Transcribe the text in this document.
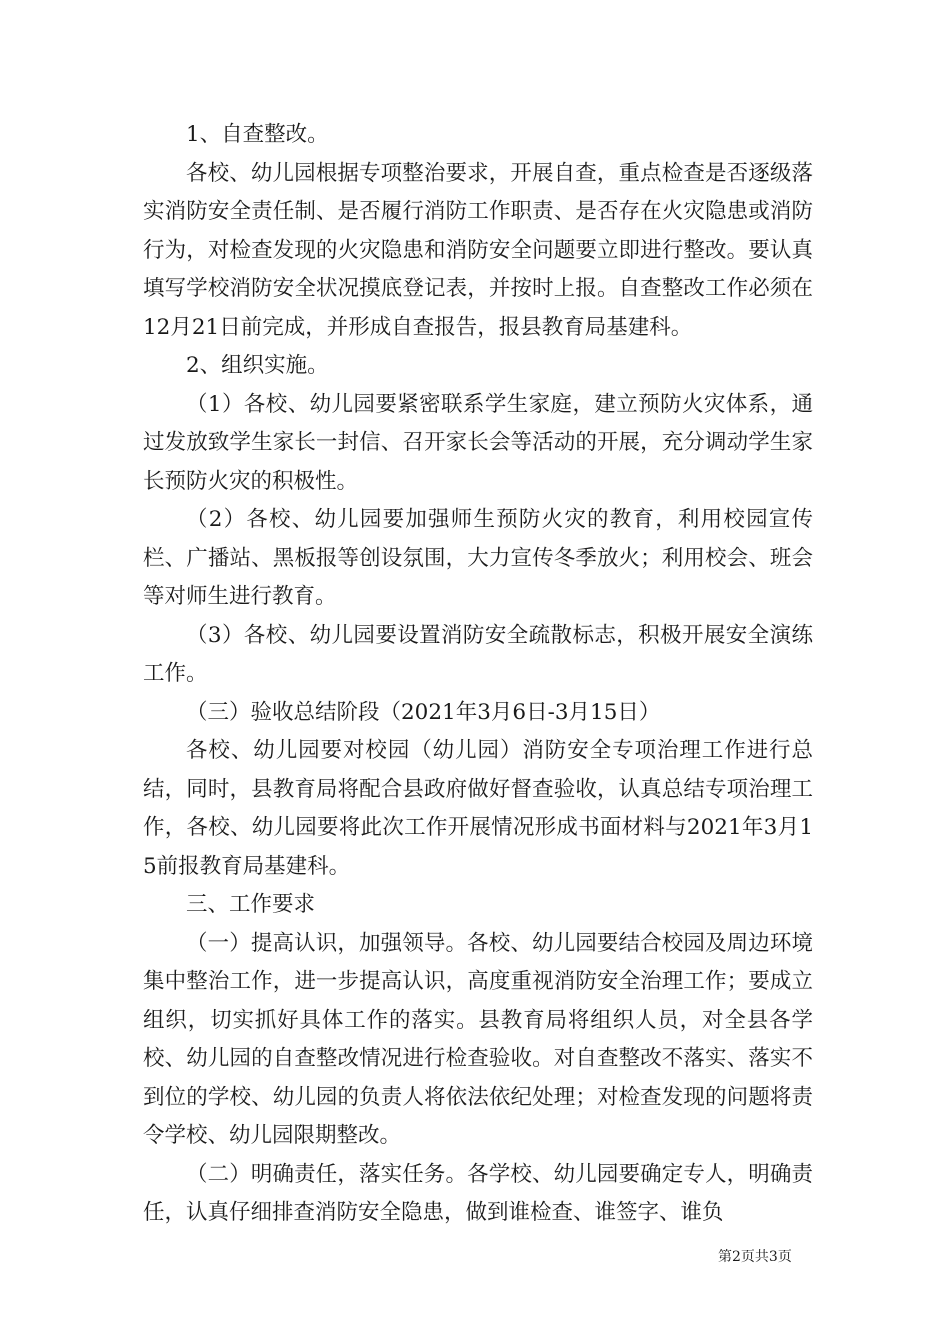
1、自查整改。

各校、幼儿园根据专项整治要求，开展自查，重点检查是否逐级落实消防安全责任制、是否履行消防工作职责、是否存在火灾隐患或消防行为，对检查发现的火灾隐患和消防安全问题要立即进行整改。要认真填写学校消防安全状况摸底登记表，并按时上报。自查整改工作必须在12月21日前完成，并形成自查报告，报县教育局基建科。

2、组织实施。

（1）各校、幼儿园要紧密联系学生家庭，建立预防火灾体系，通过发放致学生家长一封信、召开家长会等活动的开展，充分调动学生家长预防火灾的积极性。

（2）各校、幼儿园要加强师生预防火灾的教育，利用校园宣传栏、广播站、黑板报等创设氛围，大力宣传冬季放火；利用校会、班会等对师生进行教育。

（3）各校、幼儿园要设置消防安全疏散标志，积极开展安全演练工作。

（三）验收总结阶段（2021年3月6日-3月15日）

各校、幼儿园要对校园（幼儿园）消防安全专项治理工作进行总结，同时，县教育局将配合县政府做好督查验收，认真总结专项治理工作，各校、幼儿园要将此次工作开展情况形成书面材料与2021年3月15前报教育局基建科。

三、工作要求

（一）提高认识，加强领导。各校、幼儿园要结合校园及周边环境集中整治工作，进一步提高认识，高度重视消防安全治理工作；要成立组织，切实抓好具体工作的落实。县教育局将组织人员，对全县各学校、幼儿园的自查整改情况进行检查验收。对自查整改不落实、落实不到位的学校、幼儿园的负责人将依法依纪处理；对检查发现的问题将责令学校、幼儿园限期整改。

（二）明确责任，落实任务。各学校、幼儿园要确定专人，明确责任，认真仔细排查消防安全隐患，做到谁检查、谁签字、谁负

第2页共3页
